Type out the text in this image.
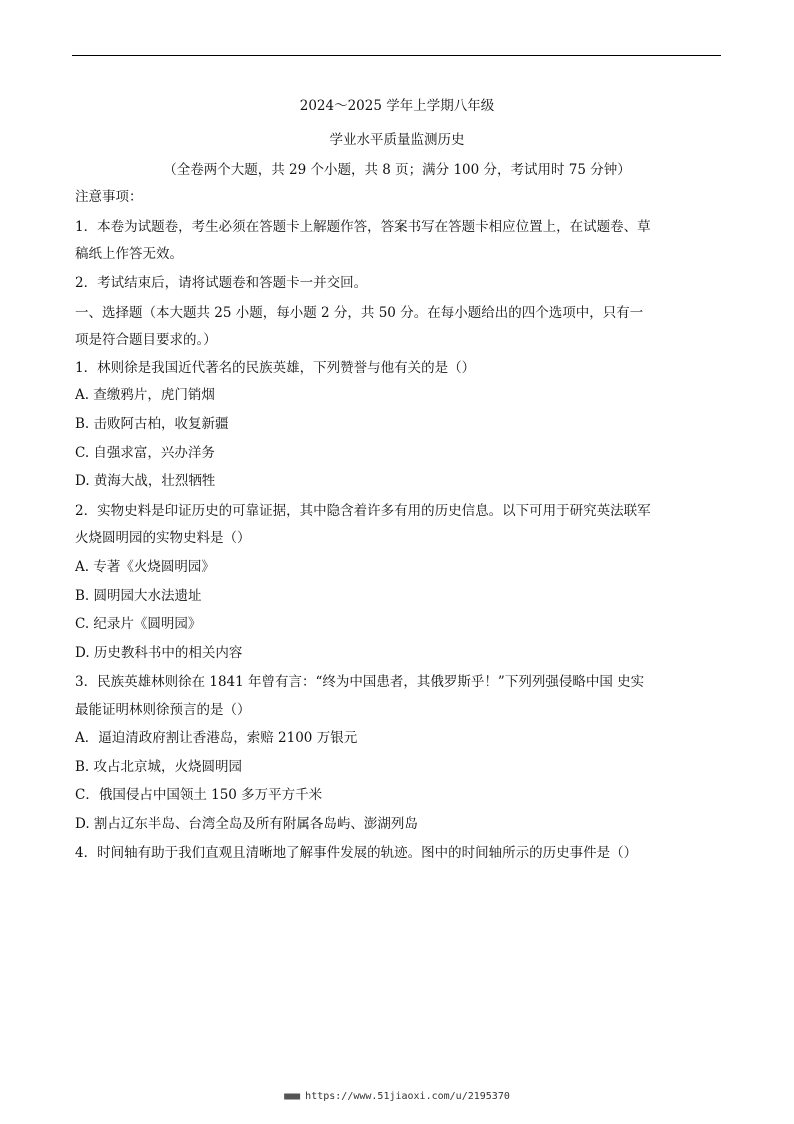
2024～2025 学年上学期八年级
学业水平质量监测历史
（全卷两个大题，共 29 个小题，共 8 页；满分 100 分，考试用时 75 分钟）
注意事项：
1．本卷为试题卷，考生必须在答题卡上解题作答，答案书写在答题卡相应位置上，在试题卷、草
稿纸上作答无效。
2．考试结束后，请将试题卷和答题卡一并交回。
一、选择题（本大题共 25 小题，每小题 2 分，共 50 分。在每小题给出的四个选项中，只有一
项是符合题目要求的。）
1．林则徐是我国近代著名的民族英雄，下列赞誉与他有关的是（）
A. 查缴鸦片，虎门销烟
B. 击败阿古柏，收复新疆
C. 自强求富，兴办洋务
D. 黄海大战，壮烈牺牲
2．实物史料是印证历史的可靠证据，其中隐含着许多有用的历史信息。以下可用于研究英法联军
火烧圆明园的实物史料是（）
A. 专著《火烧圆明园》
B. 圆明园大水法遗址
C. 纪录片《圆明园》
D. 历史教科书中的相关内容
3．民族英雄林则徐在 1841 年曾有言：“终为中国患者，其俄罗斯乎！”下列列强侵略中国 史实
最能证明林则徐预言的是（）
A．逼迫清政府割让香港岛，索赔 2100 万银元
B. 攻占北京城，火烧圆明园
C．俄国侵占中国领土 150 多万平方千米
D. 割占辽东半岛、台湾全岛及所有附属各岛屿、澎湖列岛
4．时间轴有助于我们直观且清晰地了解事件发展的轨迹。图中的时间轴所示的历史事件是（）
■■■ https://www.51jiaoxi.com/u/2195370
